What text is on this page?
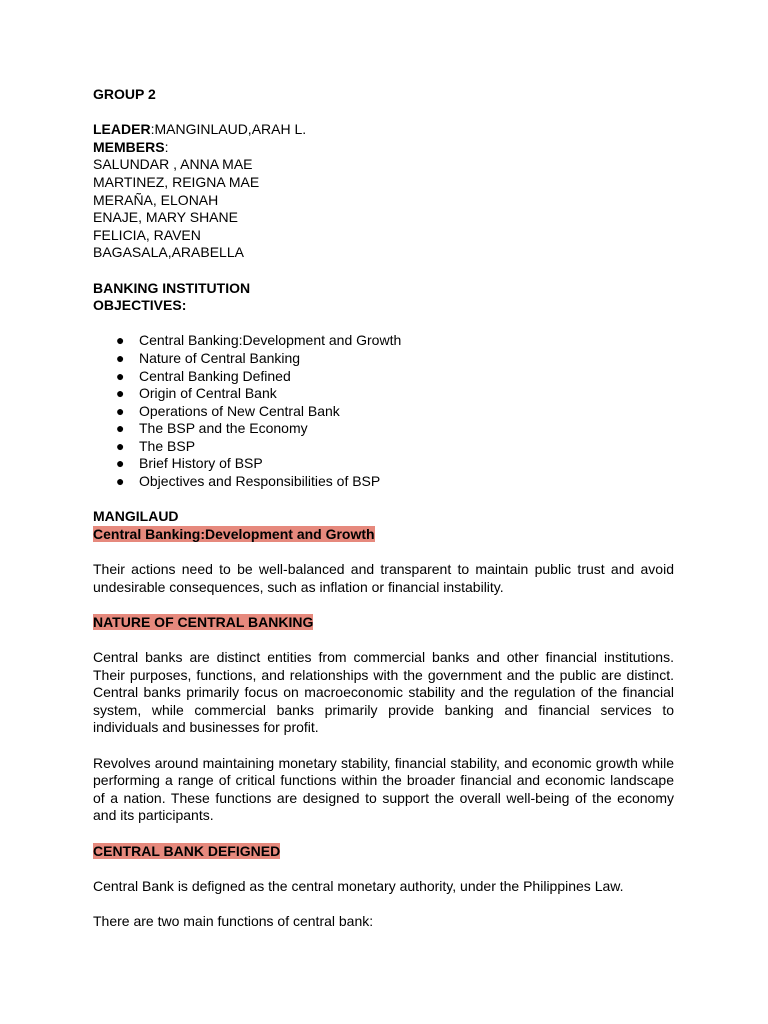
GROUP 2
LEADER:MANGINLAUD,ARAH L.
MEMBERS:
SALUNDAR , ANNA MAE
MARTINEZ, REIGNA MAE
MERAÑA, ELONAH
ENAJE, MARY SHANE
FELICIA, RAVEN
BAGASALA,ARABELLA
BANKING INSTITUTION
OBJECTIVES:
● Central Banking:Development and Growth
● Nature of Central Banking
● Central Banking Defined
● Origin of Central Bank
● Operations of New Central Bank
● The BSP and the Economy
● The BSP
● Brief History of BSP
● Objectives and Responsibilities of BSP
MANGILAUD
Central Banking:Development and Growth

Their actions need to be well-balanced and transparent to maintain public trust and avoid undesirable consequences, such as inflation or financial instability.

NATURE OF CENTRAL BANKING

Central banks are distinct entities from commercial banks and other financial institutions. Their purposes, functions, and relationships with the government and the public are distinct. Central banks primarily focus on macroeconomic stability and the regulation of the financial system, while commercial banks primarily provide banking and financial services to individuals and businesses for profit.

Revolves around maintaining monetary stability, financial stability, and economic growth while performing a range of critical functions within the broader financial and economic landscape of a nation. These functions are designed to support the overall well-being of the economy and its participants.

CENTRAL BANK DEFIGNED

Central Bank is defigned as the central monetary authority, under the Philippines Law.

There are two main functions of central bank:
